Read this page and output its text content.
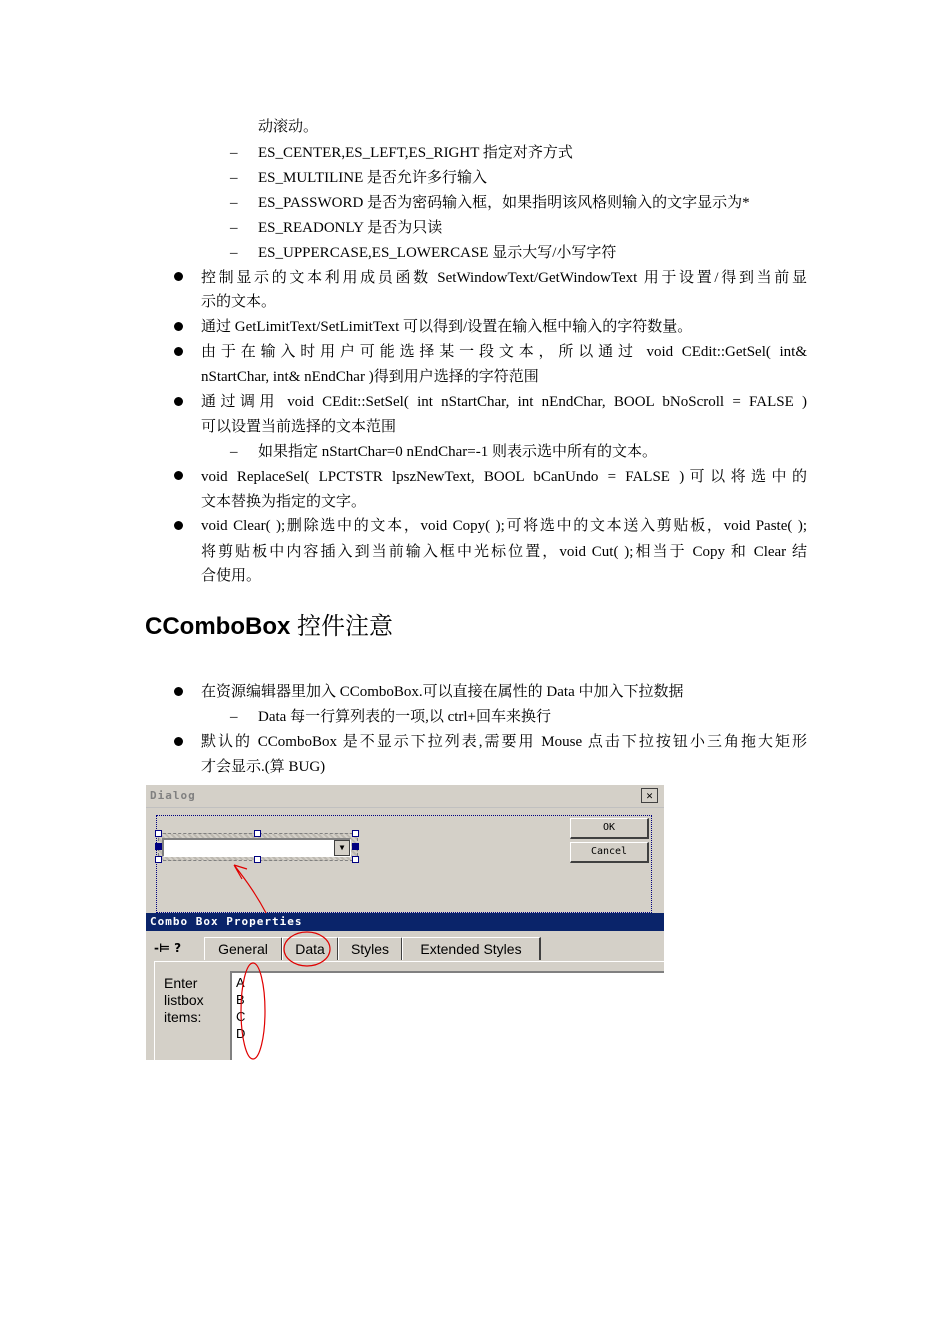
动滚动。
– ES_CENTER,ES_LEFT,ES_RIGHT 指定对齐方式
– ES_MULTILINE 是否允许多行输入
– ES_PASSWORD 是否为密码输入框，如果指明该风格则输入的文字显示为*
– ES_READONLY 是否为只读
– ES_UPPERCASE,ES_LOWERCASE 显示大写/小写字符
控制显示的文本利用成员函数 SetWindowText/GetWindowText 用于设置/得到当前显
示的文本。
通过 GetLimitText/SetLimitText 可以得到/设置在输入框中输入的字符数量。
由于在输入时用户可能选择某一段文本，所以通过 void CEdit::GetSel( int&
nStartChar, int& nEndChar )得到用户选择的字符范围
通过调用 void CEdit::SetSel( int nStartChar, int nEndChar, BOOL bNoScroll = FALSE )
可以设置当前选择的文本范围
– 如果指定 nStartChar=0 nEndChar=-1 则表示选中所有的文本。
void ReplaceSel( LPCTSTR lpszNewText, BOOL bCanUndo = FALSE )可以将选中的
文本替换为指定的文字。
void Clear( );删除选中的文本，void Copy( );可将选中的文本送入剪贴板，void Paste( );
将剪贴板中内容插入到当前输入框中光标位置，void Cut( );相当于 Copy 和 Clear 结
合使用。
CComboBox 控件注意
在资源编辑器里加入 CComboBox.可以直接在属性的 Data 中加入下拉数据
– Data 每一行算列表的一项,以 ctrl+回车来换行
默认的 CComboBox 是不显示下拉列表,需要用 Mouse 点击下拉按钮小三角拖大矩形
才会显示.(算 BUG)
Dialog	✕
OK
Cancel
▼
Combo Box Properties
-⊨ ?	General	Data	Styles	Extended Styles
Enter
listbox
items:
A
B
C
D
